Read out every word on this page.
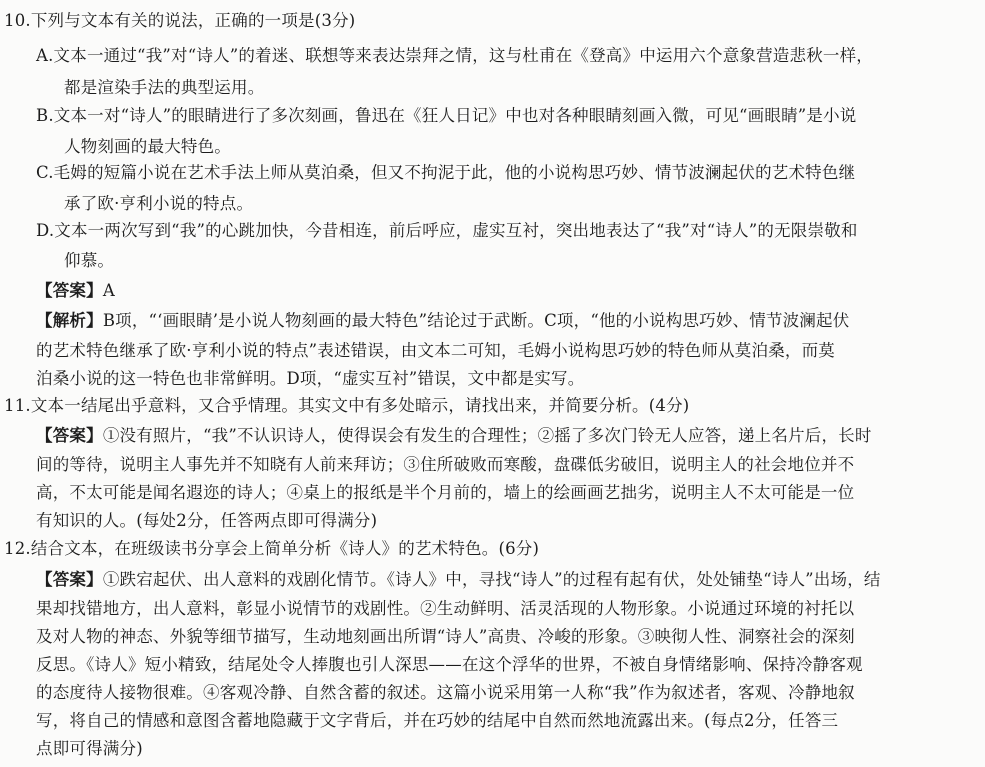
10.下列与文本有关的说法，正确的一项是(3分)
A.文本一通过“我”对“诗人”的着迷、联想等来表达崇拜之情，这与杜甫在《登高》中运用六个意象营造悲秋一样，
都是渲染手法的典型运用。
B.文本一对“诗人”的眼睛进行了多次刻画，鲁迅在《狂人日记》中也对各种眼睛刻画入微，可见“画眼睛”是小说
人物刻画的最大特色。
C.毛姆的短篇小说在艺术手法上师从莫泊桑，但又不拘泥于此，他的小说构思巧妙、情节波澜起伏的艺术特色继
承了欧·亨利小说的特点。
D.文本一两次写到“我”的心跳加快，今昔相连，前后呼应，虚实互衬，突出地表达了“我”对“诗人”的无限崇敬和
仰慕。
【答案】A
【解析】B项，“‘画眼睛’是小说人物刻画的最大特色”结论过于武断。C项，“他的小说构思巧妙、情节波澜起伏
的艺术特色继承了欧·亨利小说的特点”表述错误，由文本二可知，毛姆小说构思巧妙的特色师从莫泊桑，而莫
泊桑小说的这一特色也非常鲜明。D项，“虚实互衬”错误，文中都是实写。
11.文本一结尾出乎意料，又合乎情理。其实文中有多处暗示，请找出来，并简要分析。(4分)
【答案】①没有照片，“我”不认识诗人，使得误会有发生的合理性；②摇了多次门铃无人应答，递上名片后，长时
间的等待，说明主人事先并不知晓有人前来拜访；③住所破败而寒酸，盘碟低劣破旧，说明主人的社会地位并不
高，不太可能是闻名遐迩的诗人；④桌上的报纸是半个月前的，墙上的绘画画艺拙劣，说明主人不太可能是一位
有知识的人。(每处2分，任答两点即可得满分)
12.结合文本，在班级读书分享会上简单分析《诗人》的艺术特色。(6分)
【答案】①跌宕起伏、出人意料的戏剧化情节。《诗人》中，寻找“诗人”的过程有起有伏，处处铺垫“诗人”出场，结
果却找错地方，出人意料，彰显小说情节的戏剧性。②生动鲜明、活灵活现的人物形象。小说通过环境的衬托以
及对人物的神态、外貌等细节描写，生动地刻画出所谓“诗人”高贵、冷峻的形象。③映彻人性、洞察社会的深刻
反思。《诗人》短小精致，结尾处令人捧腹也引人深思——在这个浮华的世界，不被自身情绪影响、保持冷静客观
的态度待人接物很难。④客观冷静、自然含蓄的叙述。这篇小说采用第一人称“我”作为叙述者，客观、冷静地叙
写，将自己的情感和意图含蓄地隐藏于文字背后，并在巧妙的结尾中自然而然地流露出来。(每点2分，任答三
点即可得满分)
